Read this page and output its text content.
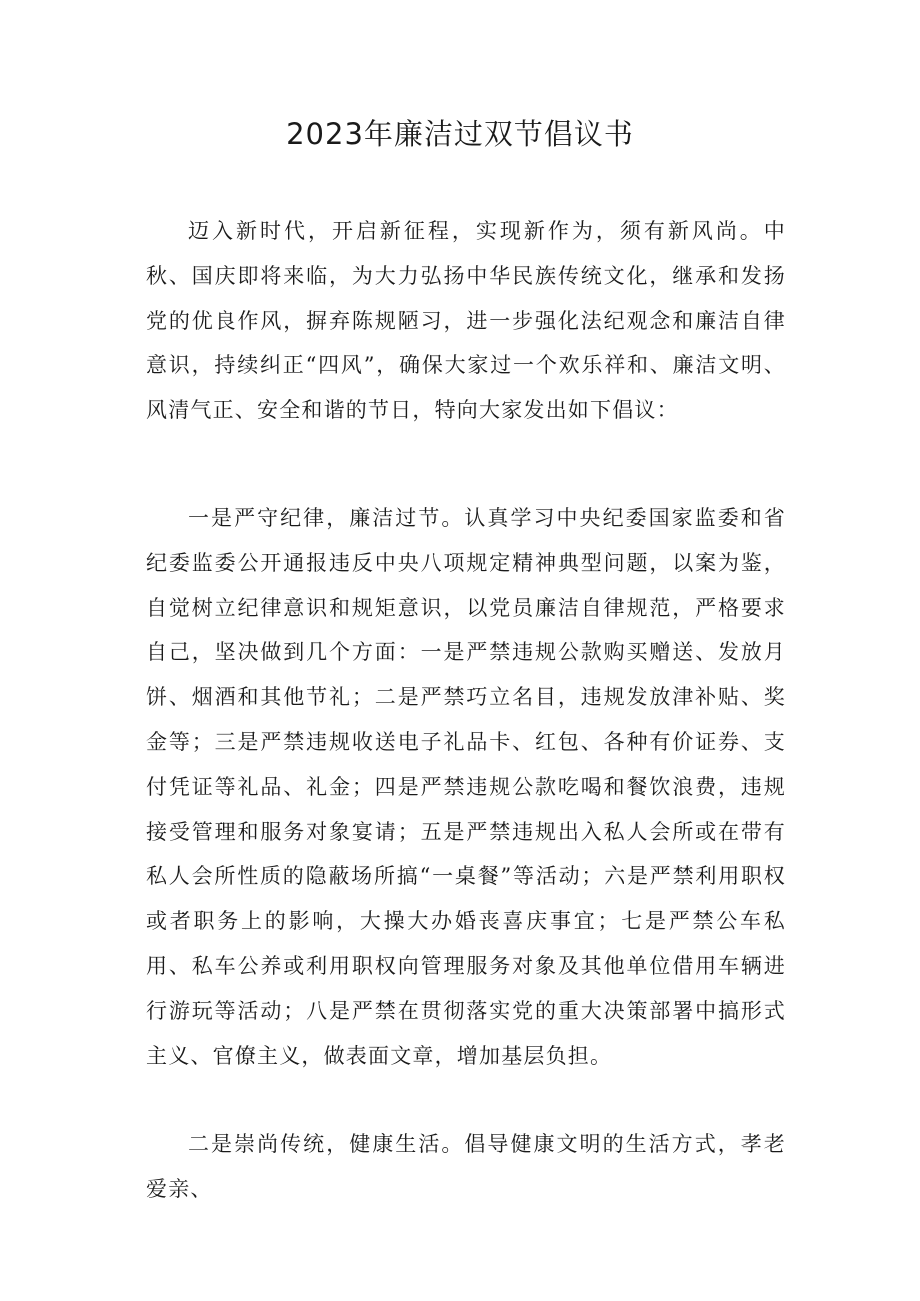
2023年廉洁过双节倡议书

迈入新时代，开启新征程，实现新作为，须有新风尚。中秋、国庆即将来临，为大力弘扬中华民族传统文化，继承和发扬党的优良作风，摒弃陈规陋习，进一步强化法纪观念和廉洁自律意识，持续纠正“四风”，确保大家过一个欢乐祥和、廉洁文明、风清气正、安全和谐的节日，特向大家发出如下倡议：

一是严守纪律，廉洁过节。认真学习中央纪委国家监委和省纪委监委公开通报违反中央八项规定精神典型问题，以案为鉴，自觉树立纪律意识和规矩意识，以党员廉洁自律规范，严格要求自己，坚决做到几个方面：一是严禁违规公款购买赠送、发放月饼、烟酒和其他节礼；二是严禁巧立名目，违规发放津补贴、奖金等；三是严禁违规收送电子礼品卡、红包、各种有价证券、支付凭证等礼品、礼金；四是严禁违规公款吃喝和餐饮浪费，违规接受管理和服务对象宴请；五是严禁违规出入私人会所或在带有私人会所性质的隐蔽场所搞“一桌餐”等活动；六是严禁利用职权或者职务上的影响，大操大办婚丧喜庆事宜；七是严禁公车私用、私车公养或利用职权向管理服务对象及其他单位借用车辆进行游玩等活动；八是严禁在贯彻落实党的重大决策部署中搞形式主义、官僚主义，做表面文章，增加基层负担。

二是崇尚传统，健康生活。倡导健康文明的生活方式，孝老爱亲、
